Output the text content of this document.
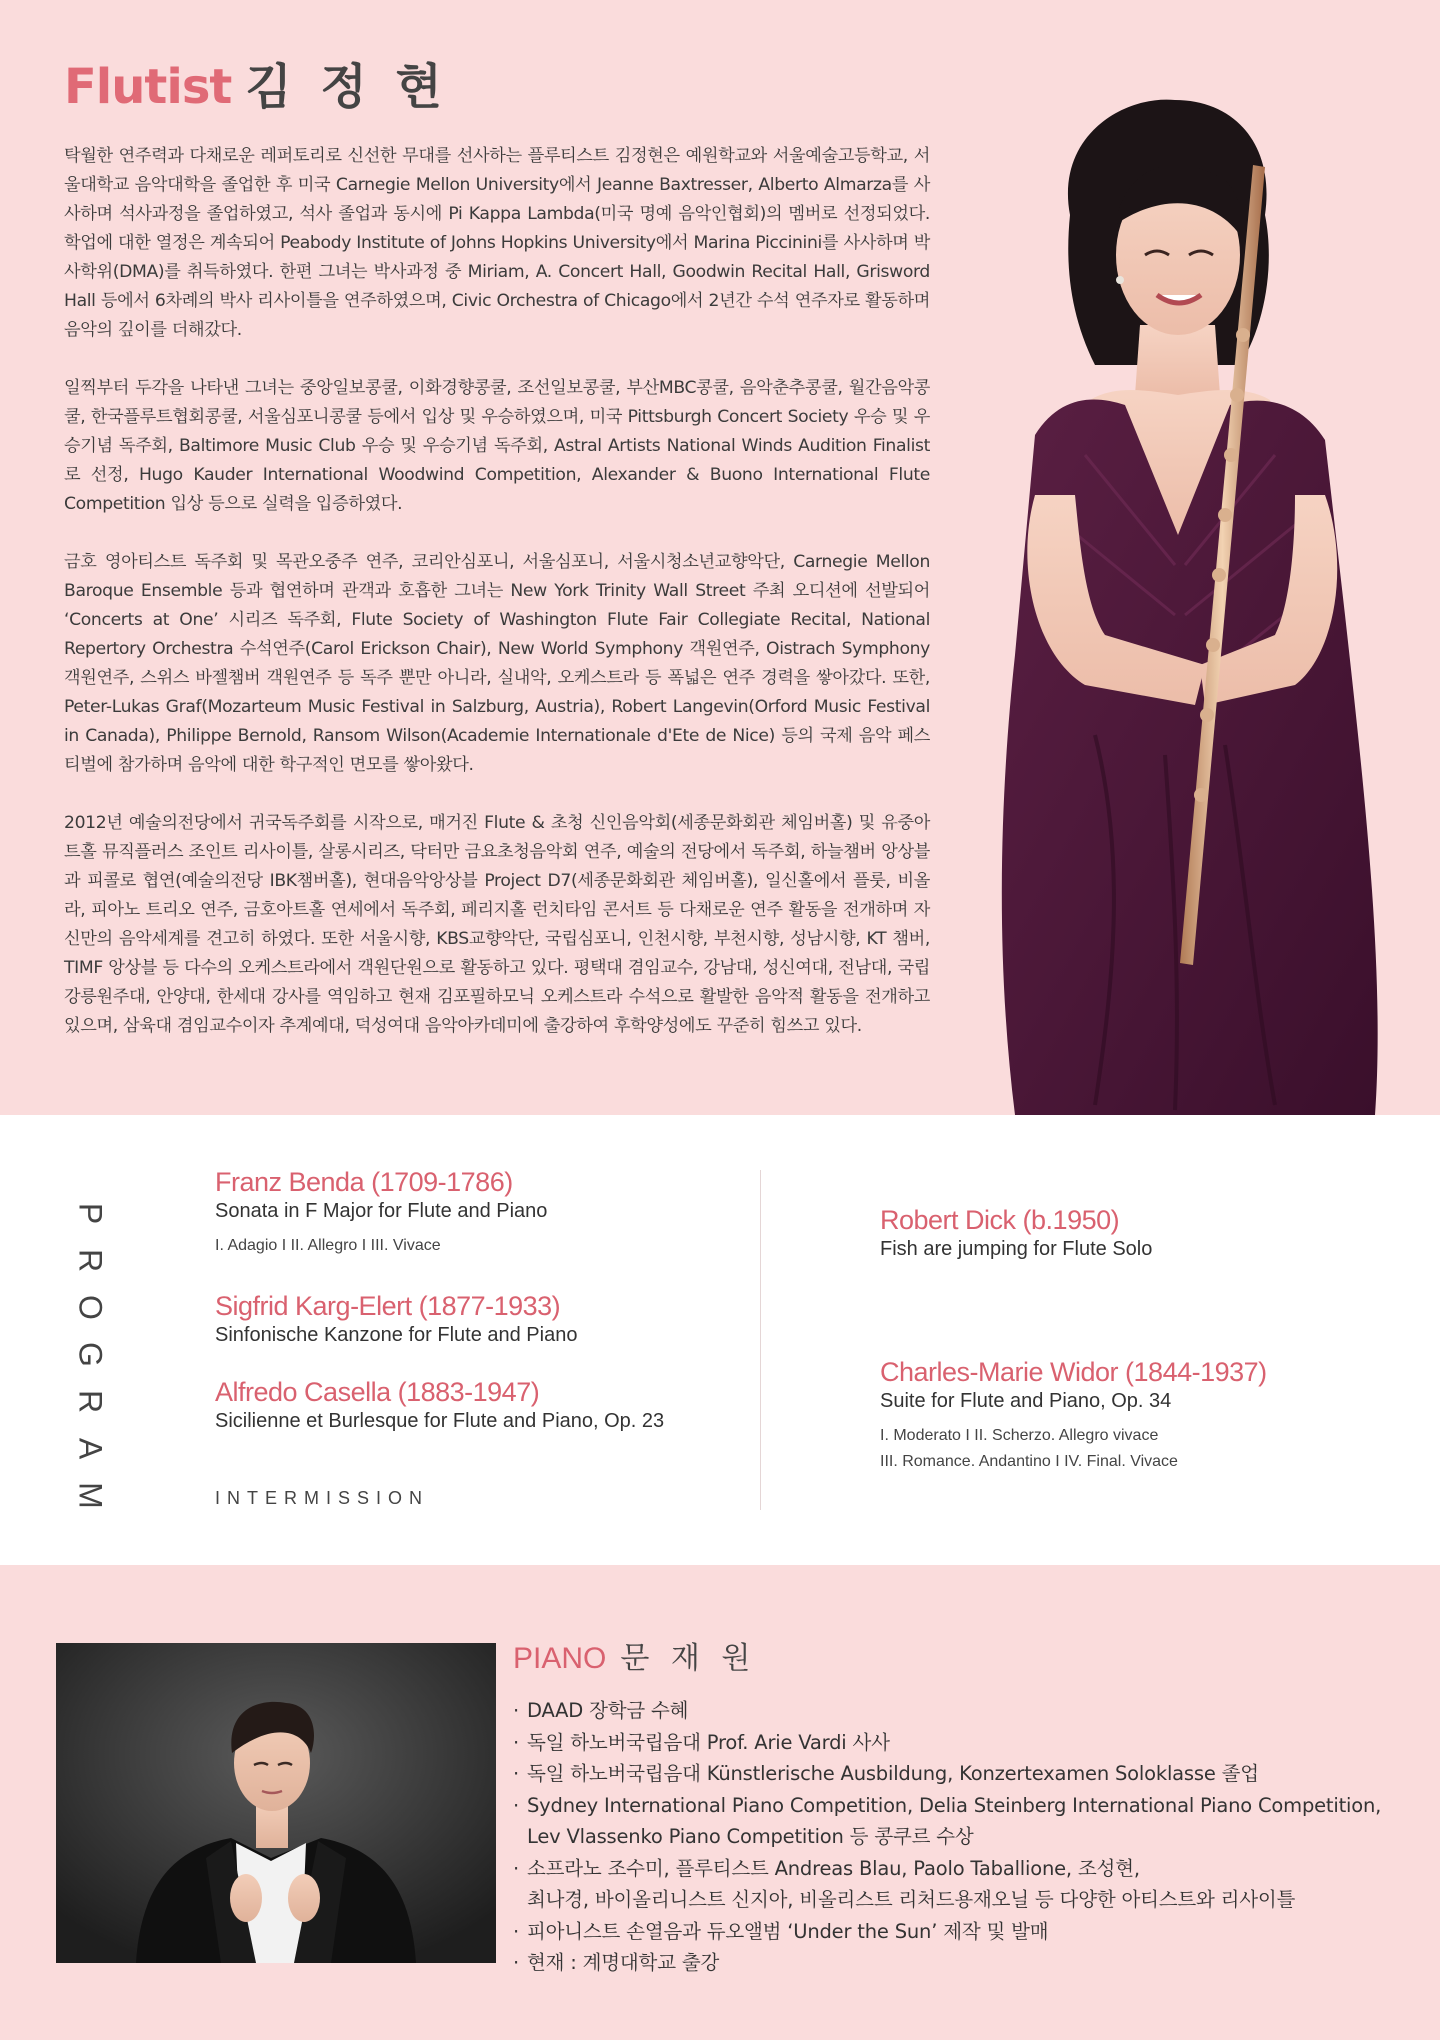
Flutist 김 정 현

탁월한 연주력과 다채로운 레퍼토리로 신선한 무대를 선사하는 플루티스트 김정현은 예원학교와 서울예술고등학교, 서울대학교 음악대학을 졸업한 후 미국 Carnegie Mellon University에서 Jeanne Baxtresser, Alberto Almarza를 사사하며 석사과정을 졸업하였고, 석사 졸업과 동시에 Pi Kappa Lambda(미국 명예 음악인협회)의 멤버로 선정되었다. 학업에 대한 열정은 계속되어 Peabody Institute of Johns Hopkins University에서 Marina Piccinini를 사사하며 박사학위(DMA)를 취득하였다. 한편 그녀는 박사과정 중 Miriam, A. Concert Hall, Goodwin Recital Hall, Grisword Hall 등에서 6차례의 박사 리사이틀을 연주하였으며, Civic Orchestra of Chicago에서 2년간 수석 연주자로 활동하며 음악의 깊이를 더해갔다.

일찍부터 두각을 나타낸 그녀는 중앙일보콩쿨, 이화경향콩쿨, 조선일보콩쿨, 부산MBC콩쿨, 음악춘추콩쿨, 월간음악콩쿨, 한국플루트협회콩쿨, 서울심포니콩쿨 등에서 입상 및 우승하였으며, 미국 Pittsburgh Concert Society 우승 및 우승기념 독주회, Baltimore Music Club 우승 및 우승기념 독주회, Astral Artists National Winds Audition Finalist로 선정, Hugo Kauder International Woodwind Competition, Alexander & Buono International Flute Competition 입상 등으로 실력을 입증하였다.

금호 영아티스트 독주회 및 목관오중주 연주, 코리안심포니, 서울심포니, 서울시청소년교향악단, Carnegie Mellon Baroque Ensemble 등과 협연하며 관객과 호흡한 그녀는 New York Trinity Wall Street 주최 오디션에 선발되어 ‘Concerts at One’ 시리즈 독주회, Flute Society of Washington Flute Fair Collegiate Recital, National Repertory Orchestra 수석연주(Carol Erickson Chair), New World Symphony 객원연주, Oistrach Symphony 객원연주, 스위스 바젤챔버 객원연주 등 독주 뿐만 아니라, 실내악, 오케스트라 등 폭넓은 연주 경력을 쌓아갔다. 또한, Peter-Lukas Graf(Mozarteum Music Festival in Salzburg, Austria), Robert Langevin(Orford Music Festival in Canada), Philippe Bernold, Ransom Wilson(Academie Internationale d'Ete de Nice) 등의 국제 음악 페스티벌에 참가하며 음악에 대한 학구적인 면모를 쌓아왔다.

2012년 예술의전당에서 귀국독주회를 시작으로, 매거진 Flute & 초청 신인음악회(세종문화회관 체임버홀) 및 유중아트홀 뮤직플러스 조인트 리사이틀, 살롱시리즈, 닥터만 금요초청음악회 연주, 예술의 전당에서 독주회, 하늘챔버 앙상블과 피콜로 협연(예술의전당 IBK챔버홀), 현대음악앙상블 Project D7(세종문화회관 체임버홀), 일신홀에서 플룻, 비올라, 피아노 트리오 연주, 금호아트홀 연세에서 독주회, 페리지홀 런치타임 콘서트 등 다채로운 연주 활동을 전개하며 자신만의 음악세계를 견고히 하였다. 또한 서울시향, KBS교향악단, 국립심포니, 인천시향, 부천시향, 성남시향, KT 챔버, TIMF 앙상블 등 다수의 오케스트라에서 객원단원으로 활동하고 있다. 평택대 겸임교수, 강남대, 성신여대, 전남대, 국립강릉원주대, 안양대, 한세대 강사를 역임하고 현재 김포필하모닉 오케스트라 수석으로 활발한 음악적 활동을 전개하고 있으며, 삼육대 겸임교수이자 추계예대, 덕성여대 음악아카데미에 출강하여 후학양성에도 꾸준히 힘쓰고 있다.

P
R
O
G
R
A
M
Franz Benda (1709-1786)
Sonata in F Major for Flute and Piano
I. Adagio I II. Allegro I III. Vivace
Sigfrid Karg-Elert (1877-1933)
Sinfonische Kanzone for Flute and Piano
Alfredo Casella (1883-1947)
Sicilienne et Burlesque for Flute and Piano, Op. 23
INTERMISSION
Robert Dick (b.1950)
Fish are jumping for Flute Solo
Charles-Marie Widor (1844-1937)
Suite for Flute and Piano, Op. 34
I. Moderato I II. Scherzo. Allegro vivace
III. Romance. Andantino I IV. Final. Vivace
PIANO 문 재 원
· DAAD 장학금 수혜
· 독일 하노버국립음대 Prof. Arie Vardi 사사
· 독일 하노버국립음대 Künstlerische Ausbildung, Konzertexamen Soloklasse 졸업
· Sydney International Piano Competition, Delia Steinberg International Piano Competition,
Lev Vlassenko Piano Competition 등 콩쿠르 수상
· 소프라노 조수미, 플루티스트 Andreas Blau, Paolo Taballione, 조성현,
최나경, 바이올리니스트 신지아, 비올리스트 리처드용재오닐 등 다양한 아티스트와 리사이틀
· 피아니스트 손열음과 듀오앨범 ‘Under the Sun’ 제작 및 발매
· 현재 : 계명대학교 출강
